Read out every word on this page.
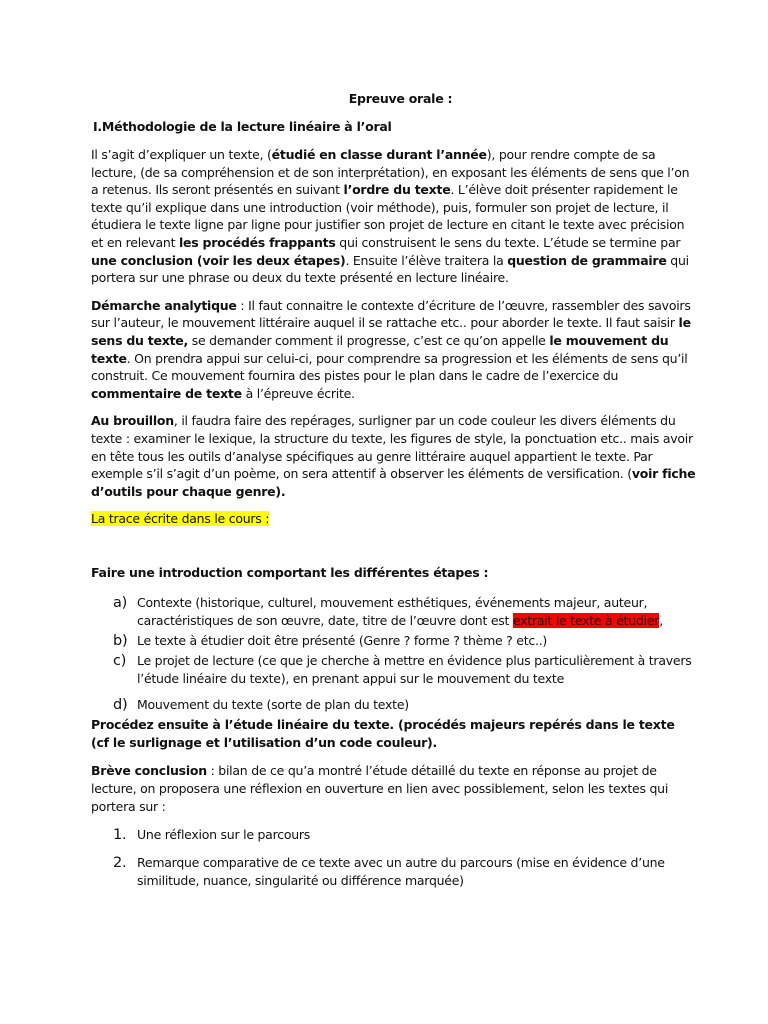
Epreuve orale :

I.Méthodologie de la lecture linéaire à l’oral

Il s’agit d’expliquer un texte, (étudié en classe durant l’année), pour rendre compte de sa lecture, (de sa compréhension et de son interprétation), en exposant les éléments de sens que l’on a retenus. Ils seront présentés en suivant l’ordre du texte. L’élève doit présenter rapidement le texte qu’il explique dans une introduction (voir méthode), puis, formuler son projet de lecture, il étudiera le texte ligne par ligne pour justifier son projet de lecture en citant le texte avec précision et en relevant les procédés frappants qui construisent le sens du texte. L’étude se termine par une conclusion (voir les deux étapes). Ensuite l’élève traitera la question de grammaire qui portera sur une phrase ou deux du texte présenté en lecture linéaire.

Démarche analytique : Il faut connaitre le contexte d’écriture de l’œuvre, rassembler des savoirs sur l’auteur, le mouvement littéraire auquel il se rattache etc.. pour aborder le texte. Il faut saisir le sens du texte, se demander comment il progresse, c’est ce qu’on appelle le mouvement du texte. On prendra appui sur celui-ci, pour comprendre sa progression et les éléments de sens qu’il construit. Ce mouvement fournira des pistes pour le plan dans le cadre de l’exercice du commentaire de texte à l’épreuve écrite.

Au brouillon, il faudra faire des repérages, surligner par un code couleur les divers éléments du texte : examiner le lexique, la structure du texte, les figures de style, la ponctuation etc.. mais avoir en tête tous les outils d’analyse spécifiques au genre littéraire auquel appartient le texte. Par exemple s’il s’agit d’un poème, on sera attentif à observer les éléments de versification. (voir fiche d’outils pour chaque genre).

La trace écrite dans le cours :

Faire une introduction comportant les différentes étapes :

a) Contexte (historique, culturel, mouvement esthétiques, événements majeur, auteur, caractéristiques de son œuvre, date, titre de l’œuvre dont est extrait le texte à étudier,
b) Le texte à étudier doit être présenté (Genre ? forme ? thème ? etc..)
c) Le projet de lecture (ce que je cherche à mettre en évidence plus particulièrement à travers l’étude linéaire du texte), en prenant appui sur le mouvement du texte
d) Mouvement du texte (sorte de plan du texte)

Procédez ensuite à l’étude linéaire du texte. (procédés majeurs repérés dans le texte (cf le surlignage et l’utilisation d’un code couleur).

Brève conclusion : bilan de ce qu’a montré l’étude détaillé du texte en réponse au projet de lecture, on proposera une réflexion en ouverture en lien avec possiblement, selon les textes qui portera sur :

1. Une réflexion sur le parcours
2. Remarque comparative de ce texte avec un autre du parcours (mise en évidence d’une similitude, nuance, singularité ou différence marquée)
